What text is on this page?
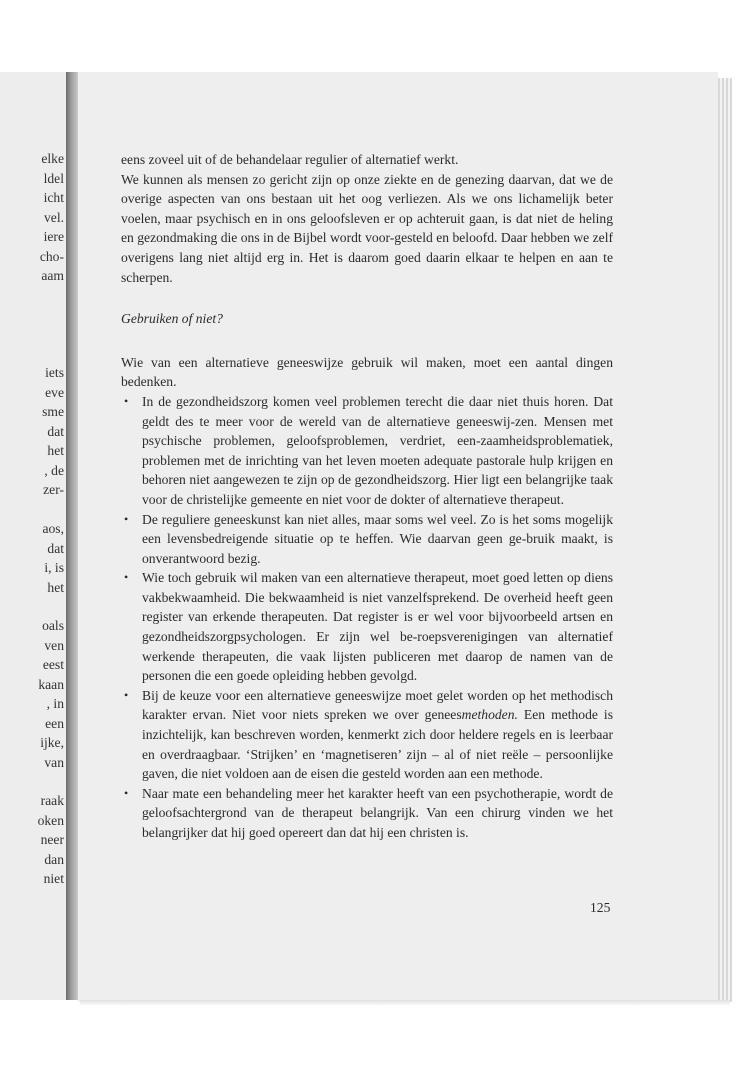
elke
ldel
icht
vel.
iere
cho-
aam
iets
eve
sme
dat
het
, de
zer-
aos,
dat
i, is
het
oals
ven
eest
kaan
, in
een
ijke,
van
raak
oken
neer
dan
niet

eens zoveel uit of de behandelaar regulier of alternatief werkt.

We kunnen als mensen zo gericht zijn op onze ziekte en de genezing daarvan, dat we de overige aspecten van ons bestaan uit het oog verliezen. Als we ons lichamelijk beter voelen, maar psychisch en in ons geloofsleven er op achteruit gaan, is dat niet de heling en gezondmaking die ons in de Bijbel wordt voor-gesteld en beloofd. Daar hebben we zelf overigens lang niet altijd erg in. Het is daarom goed daarin elkaar te helpen en aan te scherpen.

Gebruiken of niet?

Wie van een alternatieve geneeswijze gebruik wil maken, moet een aantal dingen bedenken.

• In de gezondheidszorg komen veel problemen terecht die daar niet thuis horen. Dat geldt des te meer voor de wereld van de alternatieve geneeswij-zen. Mensen met psychische problemen, geloofsproblemen, verdriet, een-zaamheidsproblematiek, problemen met de inrichting van het leven moeten adequate pastorale hulp krijgen en behoren niet aangewezen te zijn op de gezondheidszorg. Hier ligt een belangrijke taak voor de christelijke gemeente en niet voor de dokter of alternatieve therapeut.
• De reguliere geneeskunst kan niet alles, maar soms wel veel. Zo is het soms mogelijk een levensbedreigende situatie op te heffen. Wie daarvan geen ge-bruik maakt, is onverantwoord bezig.
• Wie toch gebruik wil maken van een alternatieve therapeut, moet goed letten op diens vakbekwaamheid. Die bekwaamheid is niet vanzelfsprekend. De overheid heeft geen register van erkende therapeuten. Dat register is er wel voor bijvoorbeeld artsen en gezondheidszorgpsychologen. Er zijn wel be-roepsverenigingen van alternatief werkende therapeuten, die vaak lijsten publiceren met daarop de namen van de personen die een goede opleiding hebben gevolgd.
• Bij de keuze voor een alternatieve geneeswijze moet gelet worden op het methodisch karakter ervan. Niet voor niets spreken we over geneesmethoden. Een methode is inzichtelijk, kan beschreven worden, kenmerkt zich door heldere regels en is leerbaar en overdraagbaar. ‘Strijken’ en ‘magnetiseren’ zijn – al of niet reële – persoonlijke gaven, die niet voldoen aan de eisen die gesteld worden aan een methode.
• Naar mate een behandeling meer het karakter heeft van een psychotherapie, wordt de geloofsachtergrond van de therapeut belangrijk. Van een chirurg vinden we het belangrijker dat hij goed opereert dan dat hij een christen is.
125
